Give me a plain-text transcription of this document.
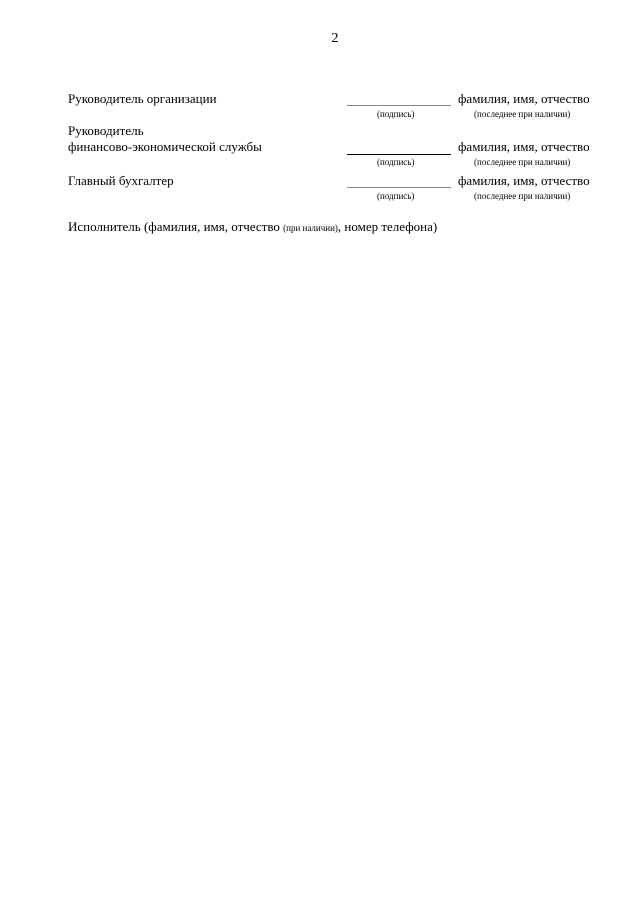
2
Руководитель организации	фамилия, имя, отчество
(подпись)	(последнее при наличии)
Руководитель
финансово-экономической службы	фамилия, имя, отчество
(подпись)	(последнее при наличии)
Главный бухгалтер	фамилия, имя, отчество
(подпись)	(последнее при наличии)
Исполнитель (фамилия, имя, отчество (при наличии), номер телефона)
